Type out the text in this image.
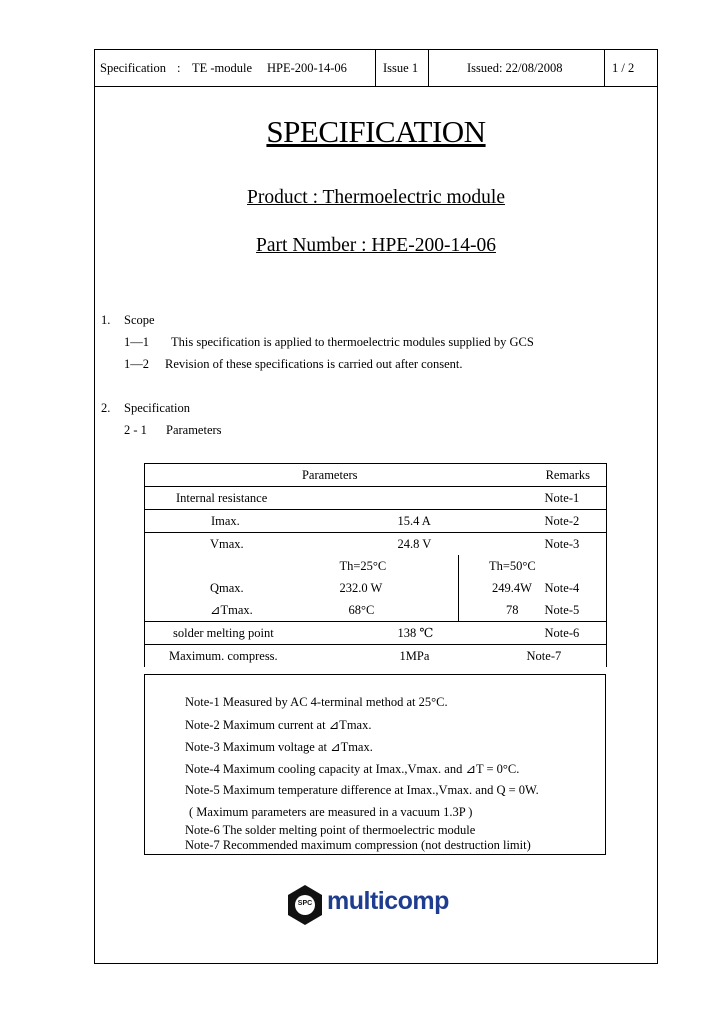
Specification : TE -module HPE-200-14-06	Issue 1	Issued: 22/08/2008	1 / 2
SPECIFICATION
Product : Thermoelectric module
Part Number : HPE-200-14-06
1. Scope
1—1 This specification is applied to thermoelectric modules supplied by GCS
1—2 Revision of these specifications is carried out after consent.
2. Specification
2 - 1 Parameters
Parameters	Remarks
Internal resistance	Note-1
Imax.	15.4 A	Note-2
Vmax.	24.8 V	Note-3
	Th=25°C	Th=50°C	
Qmax.	232.0 W	249.4W	Note-4
⊿Tmax.	68°C	78	Note-5
solder melting point	138 ℃	Note-6
Maximum. compress.	1MPa	Note-7
Note-1 Measured by AC 4-terminal method at 25°C.
Note-2 Maximum current at ⊿Tmax.
Note-3 Maximum voltage at ⊿Tmax.
Note-4 Maximum cooling capacity at Imax.,Vmax. and ⊿T = 0°C.
Note-5 Maximum temperature difference at Imax.,Vmax. and Q = 0W.
( Maximum parameters are measured in a vacuum 1.3P )
Note-6 The solder melting point of thermoelectric module
Note-7 Recommended maximum compression (not destruction limit)
SPC multicomp
